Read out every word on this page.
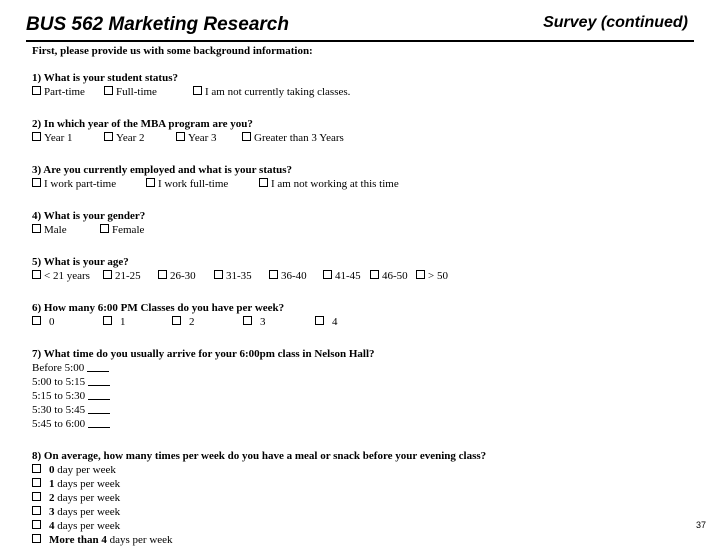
BUS 562 Marketing Research	Survey (continued)

First, please provide us with some background information:

1) What is your student status?

Part-time	Full-time	I am not currently taking classes.

2) In which year of the MBA program are you?

Year 1	Year 2	Year 3	Greater than 3 Years

3) Are you currently employed and what is your status?

I work part-time	I work full-time	I am not working at this time

4) What is your gender?

Male	Female

5) What is your age?

< 21 years	21-25	26-30	31-35	36-40	41-45	46-50	> 50

6) How many 6:00 PM Classes do you have per week?

0	1	2	3	4

7) What time do you usually arrive for your 6:00pm class in Nelson Hall?

Before 5:00

5:00 to 5:15

5:15 to 5:30

5:30 to 5:45

5:45 to 6:00

8) On average, how many times per week do you have a meal or snack before your evening class?

0 day per week

1 days per week

2 days per week

3 days per week

4 days per week

More than 4 days per week

37
